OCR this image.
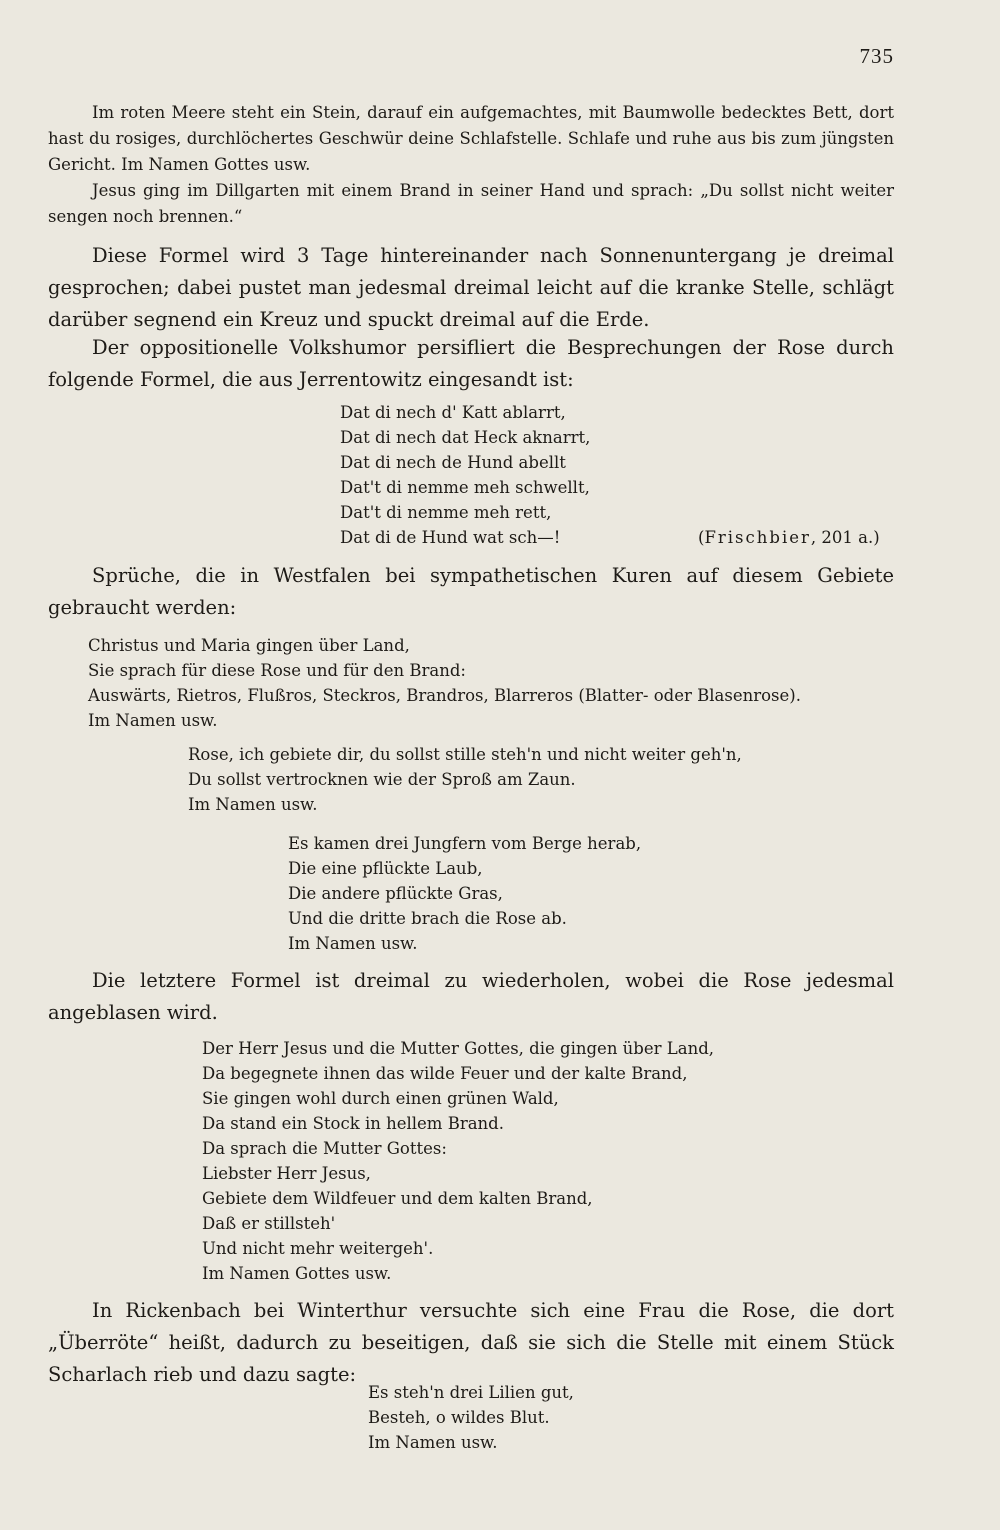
735

Im roten Meere steht ein Stein, darauf ein aufgemachtes, mit Baumwolle bedecktes Bett, dort hast du rosiges, durchlöchertes Geschwür deine Schlafstelle. Schlafe und ruhe aus bis zum jüngsten Gericht. Im Namen Gottes usw.

Jesus ging im Dillgarten mit einem Brand in seiner Hand und sprach: „Du sollst nicht weiter sengen noch brennen.“

Diese Formel wird 3 Tage hintereinander nach Sonnenuntergang je dreimal gesprochen; dabei pustet man jedesmal dreimal leicht auf die kranke Stelle, schlägt darüber segnend ein Kreuz und spuckt dreimal auf die Erde.

Der oppositionelle Volkshumor persifliert die Besprechungen der Rose durch folgende Formel, die aus Jerrentowitz eingesandt ist:

Dat di nech d' Katt ablarrt,
Dat di nech dat Heck aknarrt,
Dat di nech de Hund abellt
Dat't di nemme meh schwellt,
Dat't di nemme meh rett,
Dat di de Hund wat sch—!	(Frischbier, 201 a.)

Sprüche, die in Westfalen bei sympathetischen Kuren auf diesem Gebiete gebraucht werden:

Christus und Maria gingen über Land,
Sie sprach für diese Rose und für den Brand:
Auswärts, Rietros, Flußros, Steckros, Brandros, Blarreros (Blatter- oder Blasenrose).
Im Namen usw.
Rose, ich gebiete dir, du sollst stille steh'n und nicht weiter geh'n,
Du sollst vertrocknen wie der Sproß am Zaun.
Im Namen usw.
Es kamen drei Jungfern vom Berge herab,
Die eine pflückte Laub,
Die andere pflückte Gras,
Und die dritte brach die Rose ab.
Im Namen usw.

Die letztere Formel ist dreimal zu wiederholen, wobei die Rose jedesmal angeblasen wird.

Der Herr Jesus und die Mutter Gottes, die gingen über Land,
Da begegnete ihnen das wilde Feuer und der kalte Brand,
Sie gingen wohl durch einen grünen Wald,
Da stand ein Stock in hellem Brand.
Da sprach die Mutter Gottes:
Liebster Herr Jesus,
Gebiete dem Wildfeuer und dem kalten Brand,
Daß er stillsteh'
Und nicht mehr weitergeh'.
Im Namen Gottes usw.

In Rickenbach bei Winterthur versuchte sich eine Frau die Rose, die dort „Überröte“ heißt, dadurch zu beseitigen, daß sie sich die Stelle mit einem Stück Scharlach rieb und dazu sagte:

Es steh'n drei Lilien gut,
Besteh, o wildes Blut.
Im Namen usw.
